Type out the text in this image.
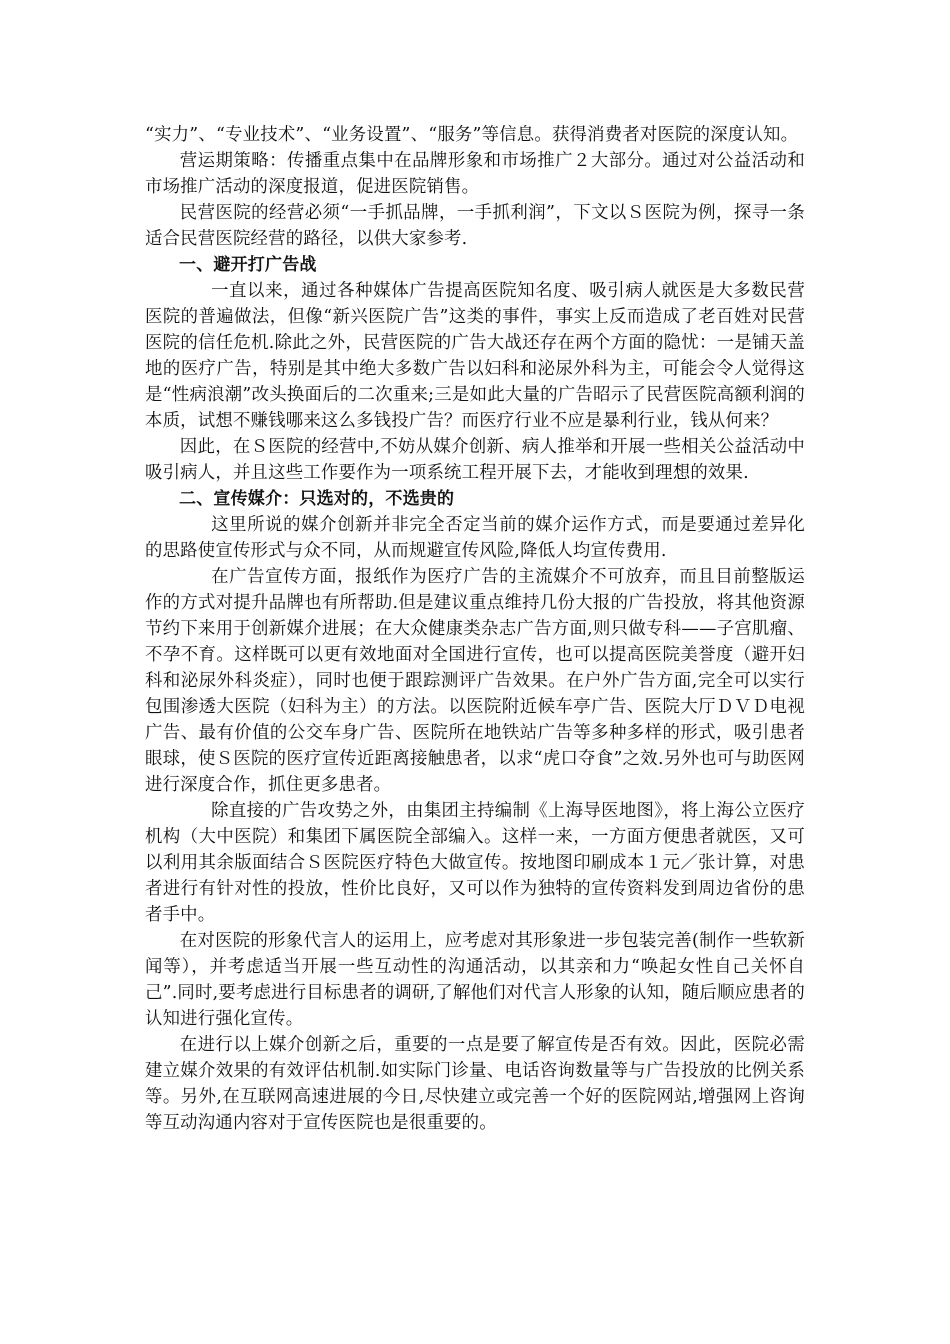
“实力”、“专业技术”、“业务设置”、“服务”等信息。获得消费者对医院的深度认知。

营运期策略：传播重点集中在品牌形象和市场推广２大部分。通过对公益活动和市场推广活动的深度报道，促进医院销售。

民营医院的经营必须“一手抓品牌，一手抓利润”，下文以Ｓ医院为例，探寻一条适合民营医院经营的路径，以供大家参考.

一、避开打广告战

一直以来，通过各种媒体广告提高医院知名度、吸引病人就医是大多数民营医院的普遍做法，但像“新兴医院广告”这类的事件，事实上反而造成了老百姓对民营医院的信任危机.除此之外，民营医院的广告大战还存在两个方面的隐忧：一是铺天盖地的医疗广告，特别是其中绝大多数广告以妇科和泌尿外科为主，可能会令人觉得这是“性病浪潮”改头换面后的二次重来;三是如此大量的广告昭示了民营医院高额利润的本质，试想不赚钱哪来这么多钱投广告？而医疗行业不应是暴利行业，钱从何来？

因此，在Ｓ医院的经营中,不妨从媒介创新、病人推举和开展一些相关公益活动中吸引病人，并且这些工作要作为一项系统工程开展下去，才能收到理想的效果.

二、宣传媒介：只选对的，不选贵的

这里所说的媒介创新并非完全否定当前的媒介运作方式，而是要通过差异化的思路使宣传形式与众不同，从而规避宣传风险,降低人均宣传费用.

在广告宣传方面，报纸作为医疗广告的主流媒介不可放弃，而且目前整版运作的方式对提升品牌也有所帮助.但是建议重点维持几份大报的广告投放，将其他资源节约下来用于创新媒介进展；在大众健康类杂志广告方面,则只做专科——子宫肌瘤、不孕不育。这样既可以更有效地面对全国进行宣传，也可以提高医院美誉度（避开妇科和泌尿外科炎症），同时也便于跟踪测评广告效果。在户外广告方面,完全可以实行包围渗透大医院（妇科为主）的方法。以医院附近候车亭广告、医院大厅ＤＶＤ电视广告、最有价值的公交车身广告、医院所在地铁站广告等多种多样的形式，吸引患者眼球，使Ｓ医院的医疗宣传近距离接触患者，以求“虎口夺食”之效.另外也可与助医网进行深度合作，抓住更多患者。

除直接的广告攻势之外，由集团主持编制《上海导医地图》，将上海公立医疗机构（大中医院）和集团下属医院全部编入。这样一来，一方面方便患者就医，又可以利用其余版面结合Ｓ医院医疗特色大做宣传。按地图印刷成本１元／张计算，对患者进行有针对性的投放，性价比良好，又可以作为独特的宣传资料发到周边省份的患者手中。

在对医院的形象代言人的运用上，应考虑对其形象进一步包装完善(制作一些软新闻等），并考虑适当开展一些互动性的沟通活动，以其亲和力“唤起女性自己关怀自己”.同时,要考虑进行目标患者的调研,了解他们对代言人形象的认知，随后顺应患者的认知进行强化宣传。

在进行以上媒介创新之后，重要的一点是要了解宣传是否有效。因此，医院必需建立媒介效果的有效评估机制.如实际门诊量、电话咨询数量等与广告投放的比例关系等。另外,在互联网高速进展的今日,尽快建立或完善一个好的医院网站,增强网上咨询等互动沟通内容对于宣传医院也是很重要的。
